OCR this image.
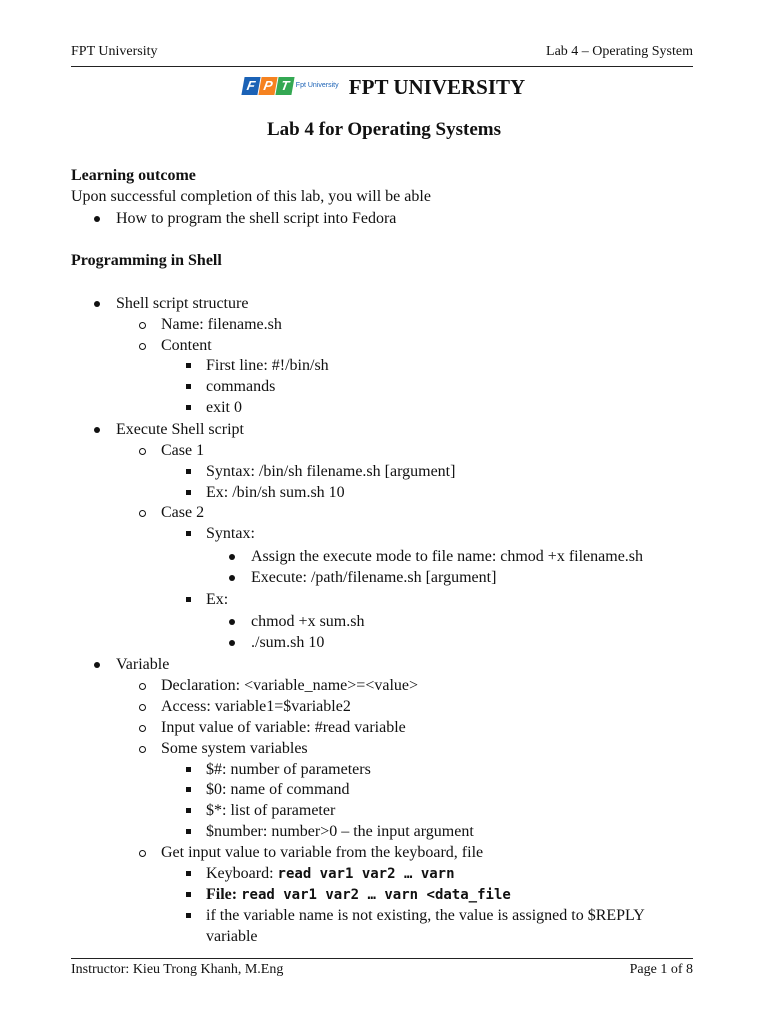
FPT University	Lab 4 – Operating System
F P T Fpt University FPT UNIVERSITY
Lab 4 for Operating Systems
Learning outcome
Upon successful completion of this lab, you will be able
How to program the shell script into Fedora
Programming in Shell
Shell script structure
Name: filename.sh
Content
First line: #!/bin/sh
commands
exit 0
Execute Shell script
Case 1
Syntax: /bin/sh filename.sh [argument]
Ex: /bin/sh sum.sh 10
Case 2
Syntax:
Assign the execute mode to file name: chmod +x filename.sh
Execute: /path/filename.sh [argument]
Ex:
chmod +x sum.sh
./sum.sh 10
Variable
Declaration: <variable_name>=<value>
Access: variable1=$variable2
Input value of variable: #read variable
Some system variables
$#: number of parameters
$0: name of command
$*: list of parameter
$number: number>0 – the input argument
Get input value to variable from the keyboard, file
Keyboard: read var1 var2 … varn
File: read var1 var2 … varn <data_file
if the variable name is not existing, the value is assigned to $REPLY
variable
Instructor: Kieu Trong Khanh, M.Eng	Page 1 of 8
